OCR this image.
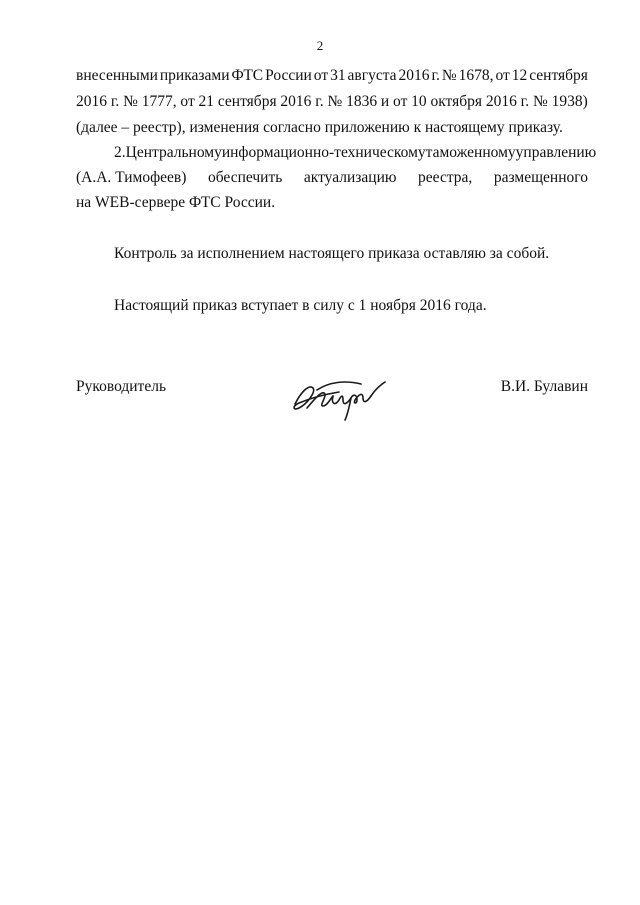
2
внесенными приказами ФТС России от 31 августа 2016 г. № 1678, от 12 сентября
2016 г. № 1777, от 21 сентября 2016 г. № 1836 и от 10 октября 2016 г. № 1938)
(далее – реестр), изменения согласно приложению к настоящему приказу.
2. Центральному информационно-техническому таможенному управлению
(А.А. Тимофеев) обеспечить актуализацию реестра, размещенного
на WEB-сервере ФТС России.
Контроль за исполнением настоящего приказа оставляю за собой.
Настоящий приказ вступает в силу с 1 ноября 2016 года.
Руководитель	В.И. Булавин
